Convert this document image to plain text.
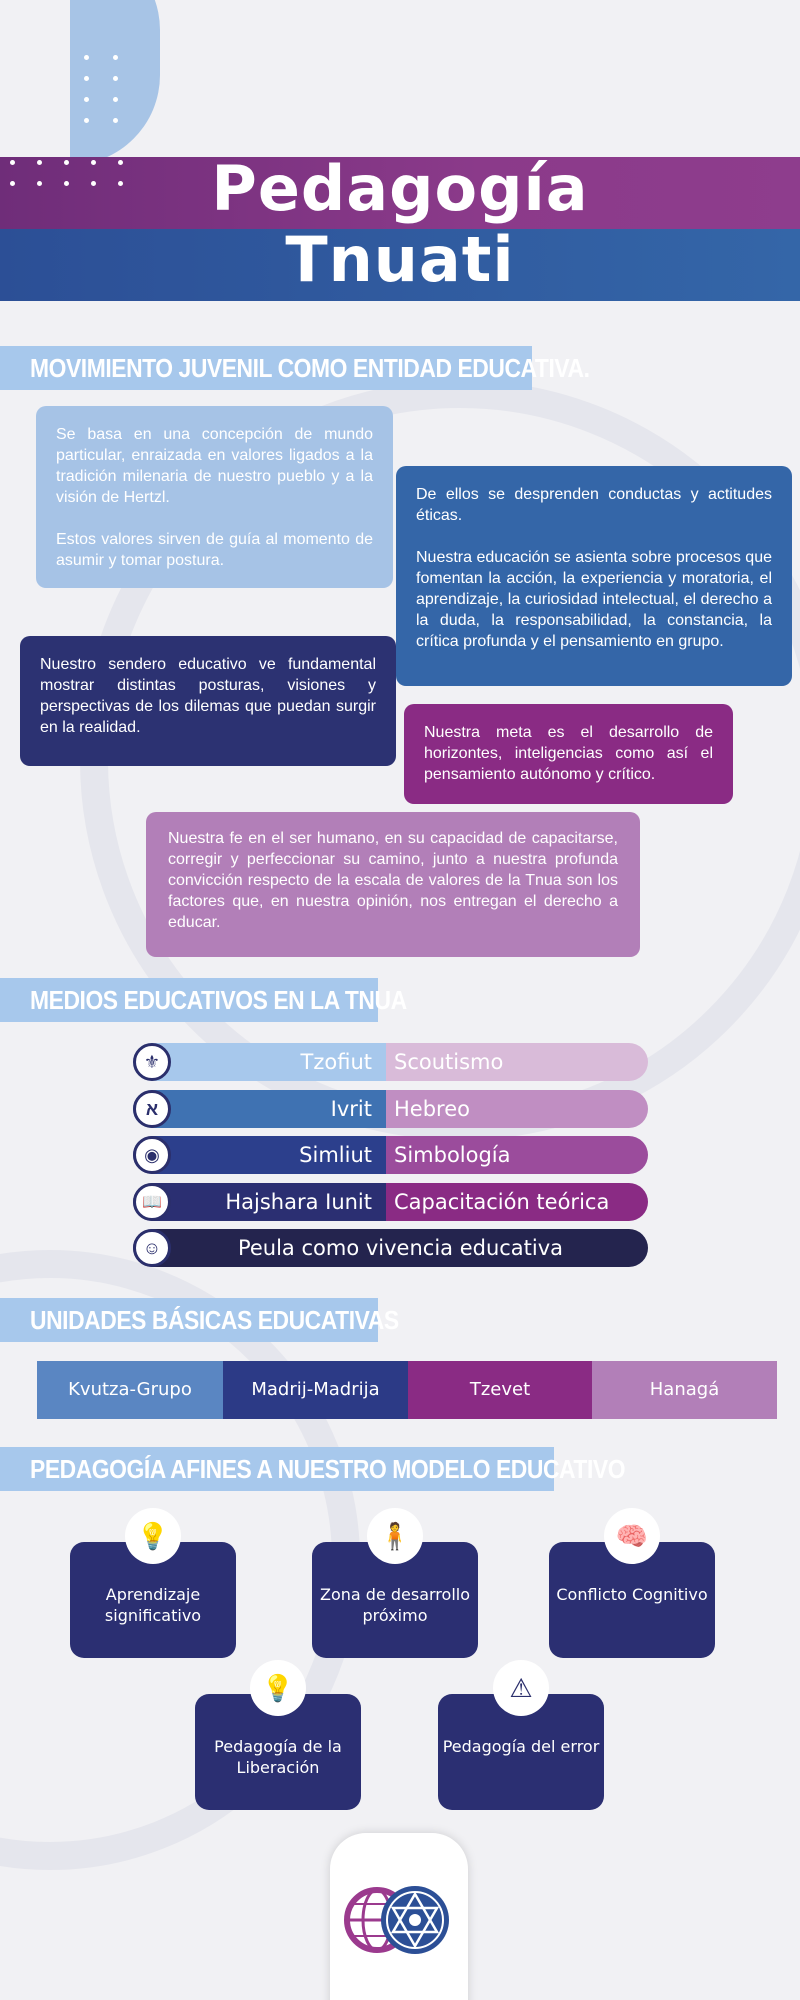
Pedagogía
Tnuati
MOVIMIENTO JUVENIL COMO ENTIDAD EDUCATIVA.

Se basa en una concepción de mundo particular, enraizada en valores ligados a la tradición milenaria de nuestro pueblo y a la visión de Hertzl.

Estos valores sirven de guía al momento de asumir y tomar postura.

De ellos se desprenden conductas y actitudes éticas.

Nuestra educación se asienta sobre procesos que fomentan la acción, la experiencia y moratoria, el aprendizaje, la curiosidad intelectual, el derecho a la duda, la responsabilidad, la constancia, la crítica profunda y el pensamiento en grupo.

Nuestro sendero educativo ve fundamental mostrar distintas posturas, visiones y perspectivas de los dilemas que puedan surgir en la realidad.	Nuestra meta es el desarrollo de horizontes, inteligencias como así el pensamiento autónomo y crítico.

Nuestra fe en el ser humano, en su capacidad de capacitarse, corregir y perfeccionar su camino, junto a nuestra profunda convicción respecto de la escala de valores de la Tnua son los factores que, en nuestra opinión, nos entregan el derecho a educar.

MEDIOS EDUCATIVOS EN LA TNUA
Tzofiut	Scoutismo
⚜
Ivrit	Hebreo
א
Simliut	Simbología
◉
Hajshara Iunit	Capacitación teórica
📖
Peula como vivencia educativa
☺
UNIDADES BÁSICAS EDUCATIVAS
Kvutza-Grupo	Madrij-Madrija	Tzevet	Hanagá
PEDAGOGÍA AFINES A NUESTRO MODELO EDUCATIVO
Aprendizaje significativo
💡
Zona de desarrollo próximo
🧍
Conflicto Cognitivo
🧠
Pedagogía de la Liberación
💡
Pedagogía del error
⚠
